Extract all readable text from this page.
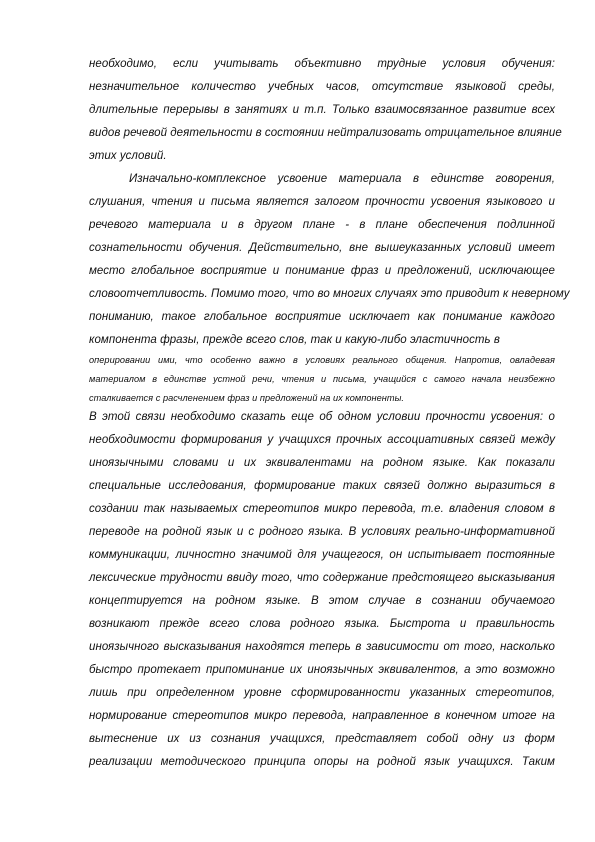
необходимо, если учитывать объективно трудные условия обучения:
незначительное количество учебных часов, отсутствие языковой среды,
длительные перерывы в занятиях и т.п. Только взаимосвязанное развитие всех
видов речевой деятельности в состоянии нейтрализовать отрицательное влияние
этих условий.
Изначально-комплексное усвоение материала в единстве говорения,
слушания, чтения и письма является залогом прочности усвоения языкового и
речевого материала и в другом плане - в плане обеспечения подлинной
сознательности обучения. Действительно, вне вышеуказанных условий имеет
место глобальное восприятие и понимание фраз и предложений, исключающее
словоотчетливость. Помимо того, что во многих случаях это приводит к неверному
пониманию, такое глобальное восприятие исключает как понимание каждого
компонента фразы, прежде всего слов, так и какую-либо эластичность в
оперировании ими, что особенно важно в условиях реального общения. Напротив, овладевая
материалом в единстве устной речи, чтения и письма, учащийся с самого начала неизбежно
сталкивается с расчленением фраз и предложений на их компоненты.
В этой связи необходимо сказать еще об одном условии прочности усвоения: о
необходимости формирования у учащихся прочных ассоциативных связей между
иноязычными словами и их эквивалентами на родном языке. Как показали
специальные исследования, формирование таких связей должно выразиться в
создании так называемых стереотипов микро перевода, т.е. владения словом в
переводе на родной язык и с родного языка. В условиях реально-информативной
коммуникации, личностно значимой для учащегося, он испытывает постоянные
лексические трудности ввиду того, что содержание предстоящего высказывания
концептируется на родном языке. В этом случае в сознании обучаемого
возникают прежде всего слова родного языка. Быстрота и правильность
иноязычного высказывания находятся теперь в зависимости от того, насколько
быстро протекает припоминание их иноязычных эквивалентов, а это возможно
лишь при определенном уровне сформированности указанных стереотипов,
нормирование стереотипов микро перевода, направленное в конечном итоге на
вытеснение их из сознания учащихся, представляет собой одну из форм
реализации методического принципа опоры на родной язык учащихся. Таким
